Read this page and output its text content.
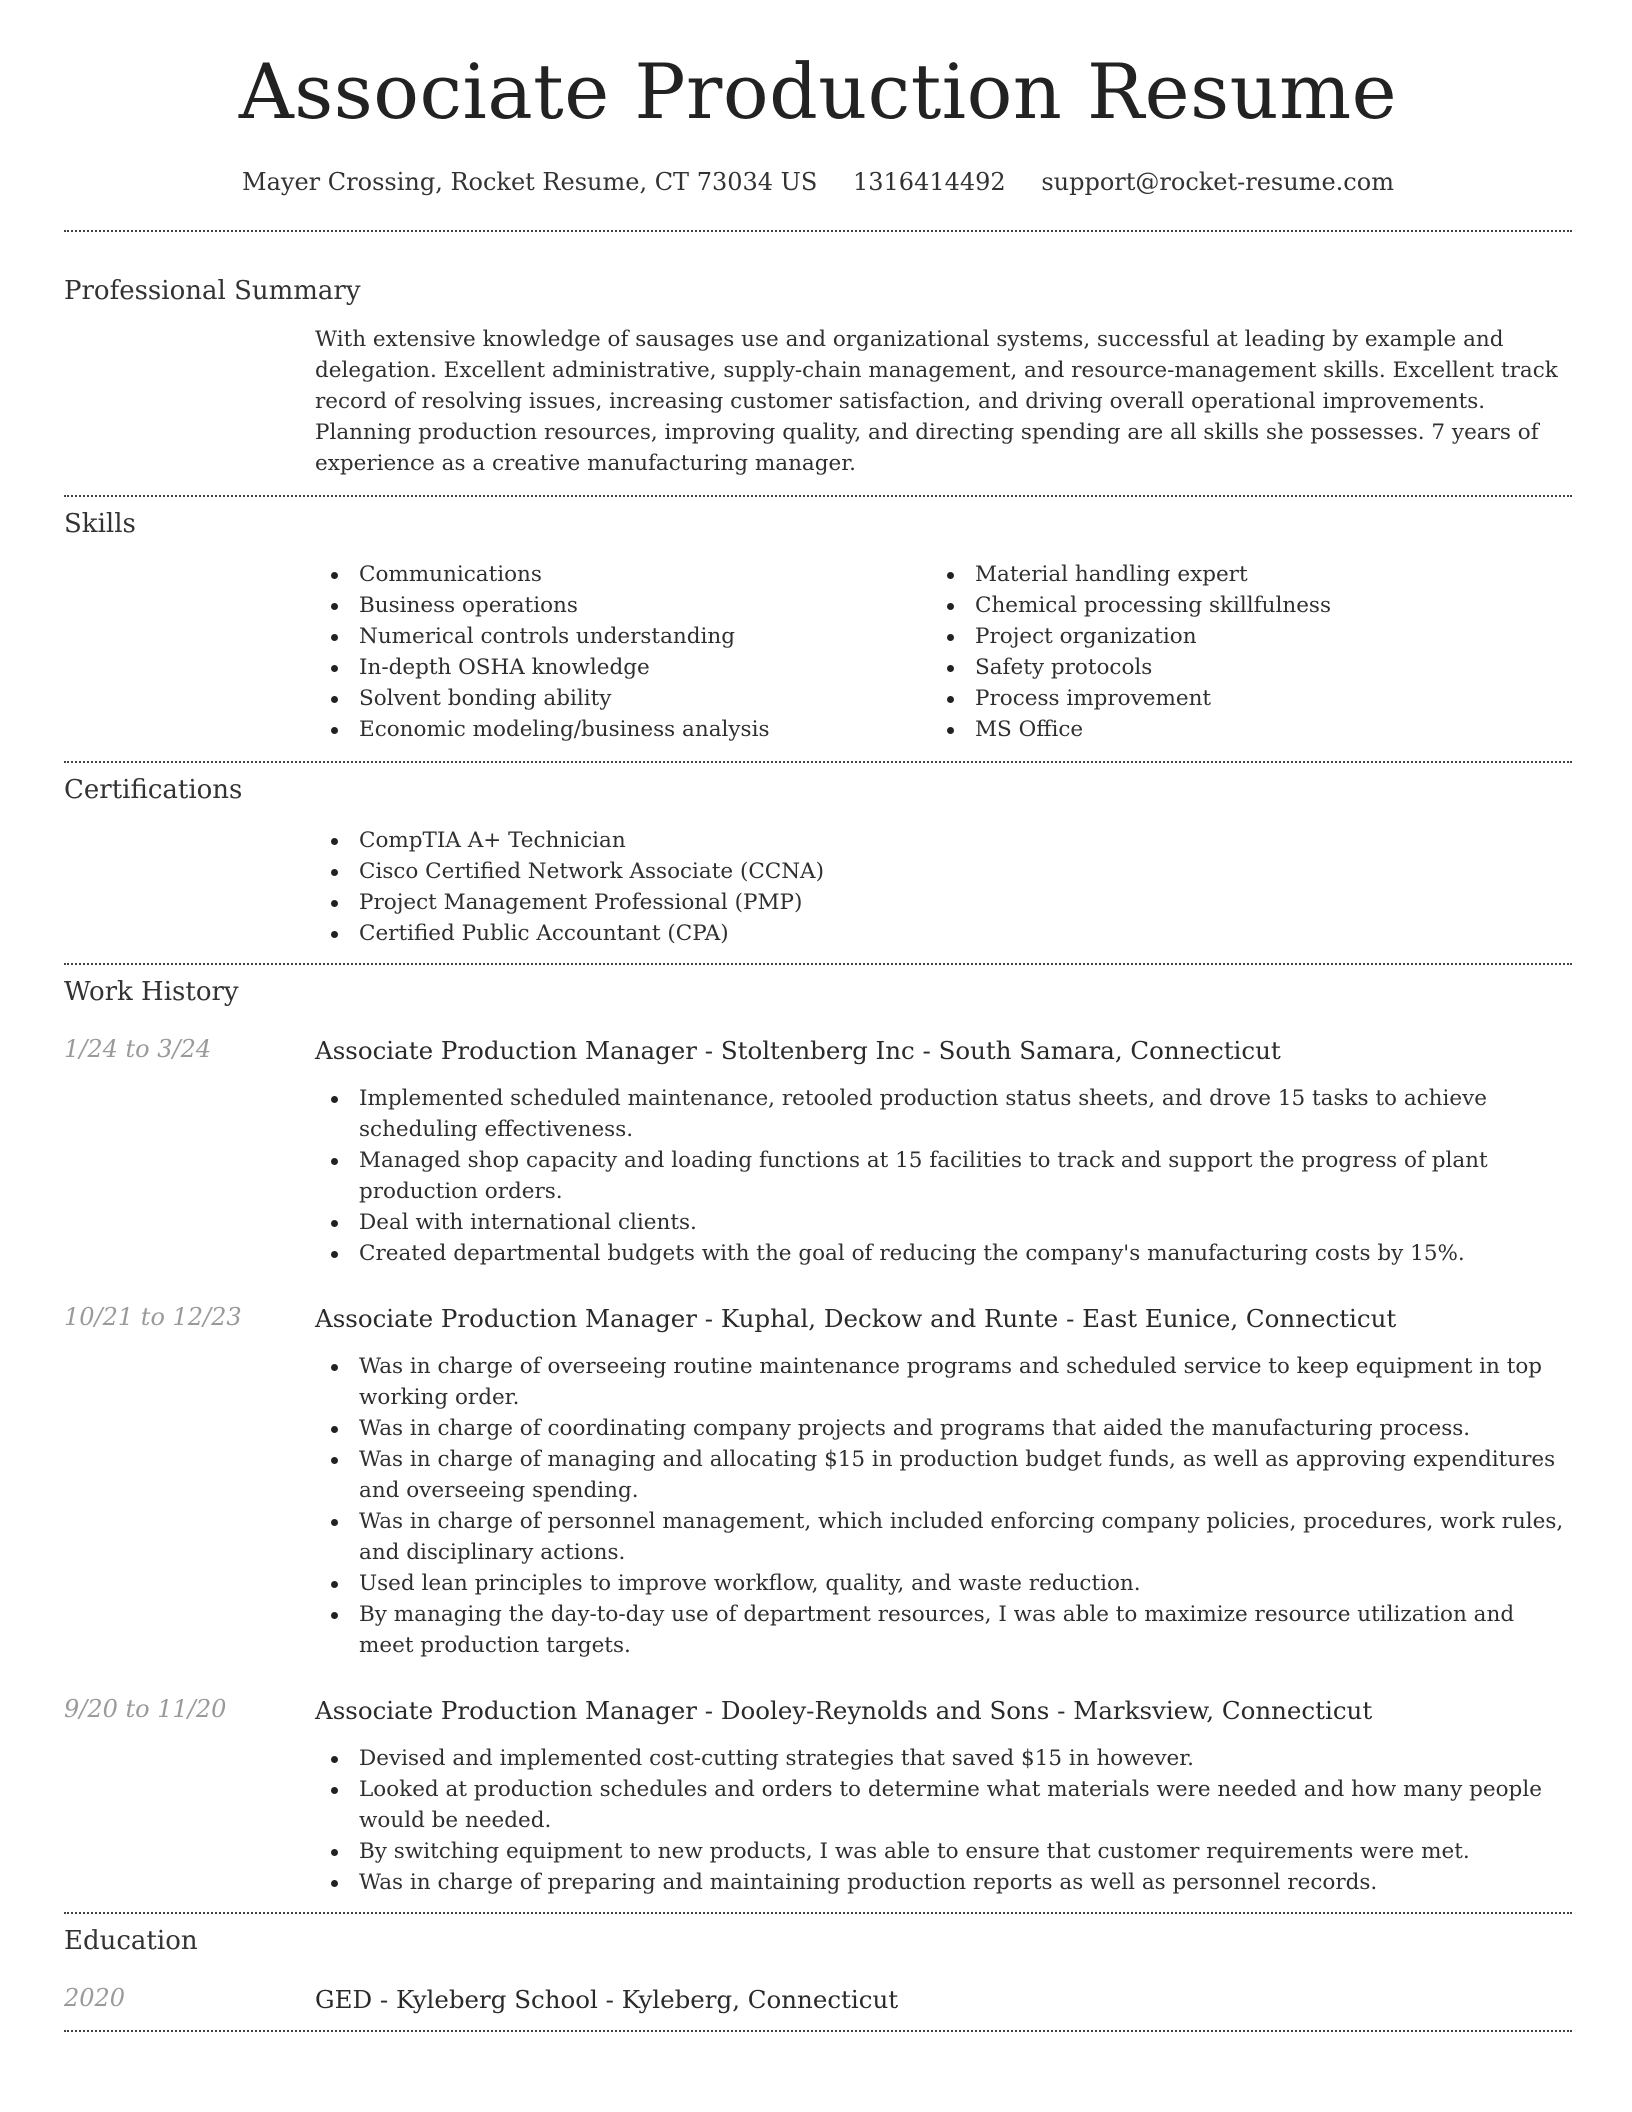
Associate Production Resume
Mayer Crossing, Rocket Resume, CT 73034 US 1316414492 support@rocket-resume.com
Professional Summary
With extensive knowledge of sausages use and organizational systems, successful at leading by example and delegation. Excellent administrative, supply-chain management, and resource-management skills. Excellent track record of resolving issues, increasing customer satisfaction, and driving overall operational improvements. Planning production resources, improving quality, and directing spending are all skills she possesses. 7 years of experience as a creative manufacturing manager.
Skills
Communications
Business operations
Numerical controls understanding
In-depth OSHA knowledge
Solvent bonding ability
Economic modeling/business analysis
Material handling expert
Chemical processing skillfulness
Project organization
Safety protocols
Process improvement
MS Office
Certifications
CompTIA A+ Technician
Cisco Certified Network Associate (CCNA)
Project Management Professional (PMP)
Certified Public Accountant (CPA)
Work History
1/24 to 3/24	Associate Production Manager - Stoltenberg Inc - South Samara, Connecticut
Implemented scheduled maintenance, retooled production status sheets, and drove 15 tasks to achieve scheduling effectiveness.
Managed shop capacity and loading functions at 15 facilities to track and support the progress of plant production orders.
Deal with international clients.
Created departmental budgets with the goal of reducing the company's manufacturing costs by 15%.
10/21 to 12/23	Associate Production Manager - Kuphal, Deckow and Runte - East Eunice, Connecticut
Was in charge of overseeing routine maintenance programs and scheduled service to keep equipment in top working order.
Was in charge of coordinating company projects and programs that aided the manufacturing process.
Was in charge of managing and allocating $15 in production budget funds, as well as approving expenditures and overseeing spending.
Was in charge of personnel management, which included enforcing company policies, procedures, work rules, and disciplinary actions.
Used lean principles to improve workflow, quality, and waste reduction.
By managing the day-to-day use of department resources, I was able to maximize resource utilization and meet production targets.
9/20 to 11/20	Associate Production Manager - Dooley-Reynolds and Sons - Marksview, Connecticut
Devised and implemented cost-cutting strategies that saved $15 in however.
Looked at production schedules and orders to determine what materials were needed and how many people would be needed.
By switching equipment to new products, I was able to ensure that customer requirements were met.
Was in charge of preparing and maintaining production reports as well as personnel records.
Education
2020	GED - Kyleberg School - Kyleberg, Connecticut
